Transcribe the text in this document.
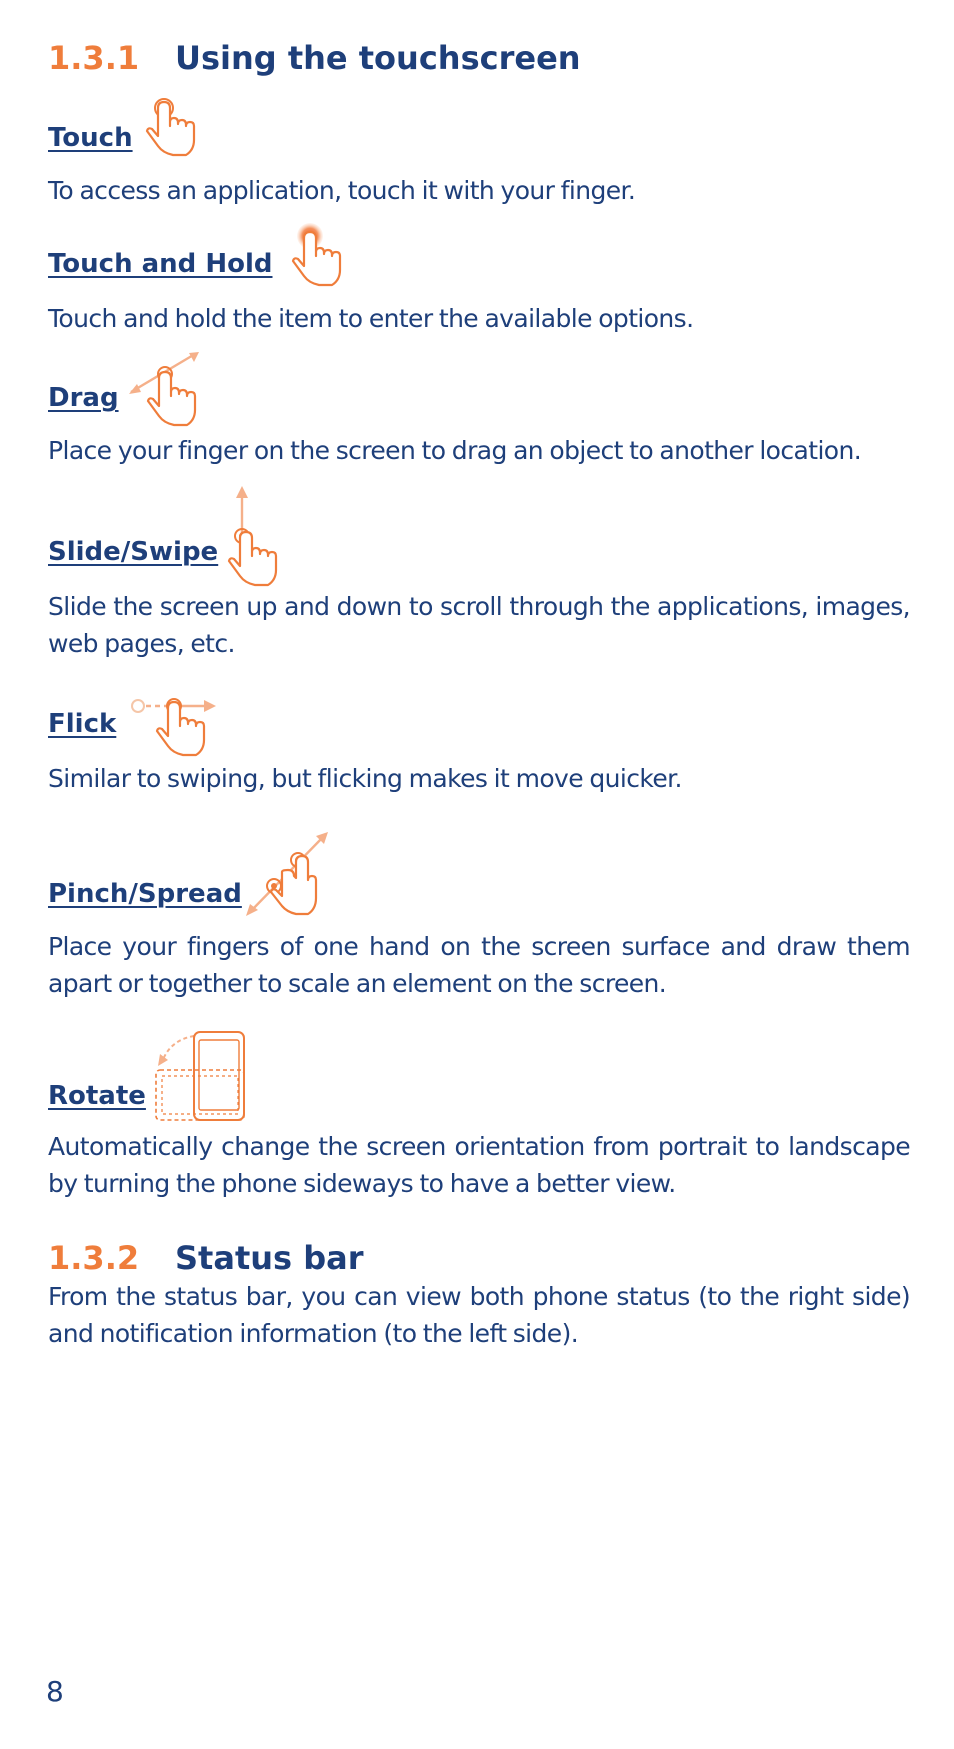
1.3.1 Using the touchscreen
Touch
To access an application, touch it with your finger.
Touch and Hold
Touch and hold the item to enter the available options.
Drag
Place your finger on the screen to drag an object to another location.
Slide/Swipe
Slide the screen up and down to scroll through the applications, images, web pages, etc.
Flick
Similar to swiping, but flicking makes it move quicker.
Pinch/Spread
Place your fingers of one hand on the screen surface and draw them apart or together to scale an element on the screen.
Rotate
Automatically change the screen orientation from portrait to landscape by turning the phone sideways to have a better view.
1.3.2 Status bar
From the status bar, you can view both phone status (to the right side) and notification information (to the left side).
8
